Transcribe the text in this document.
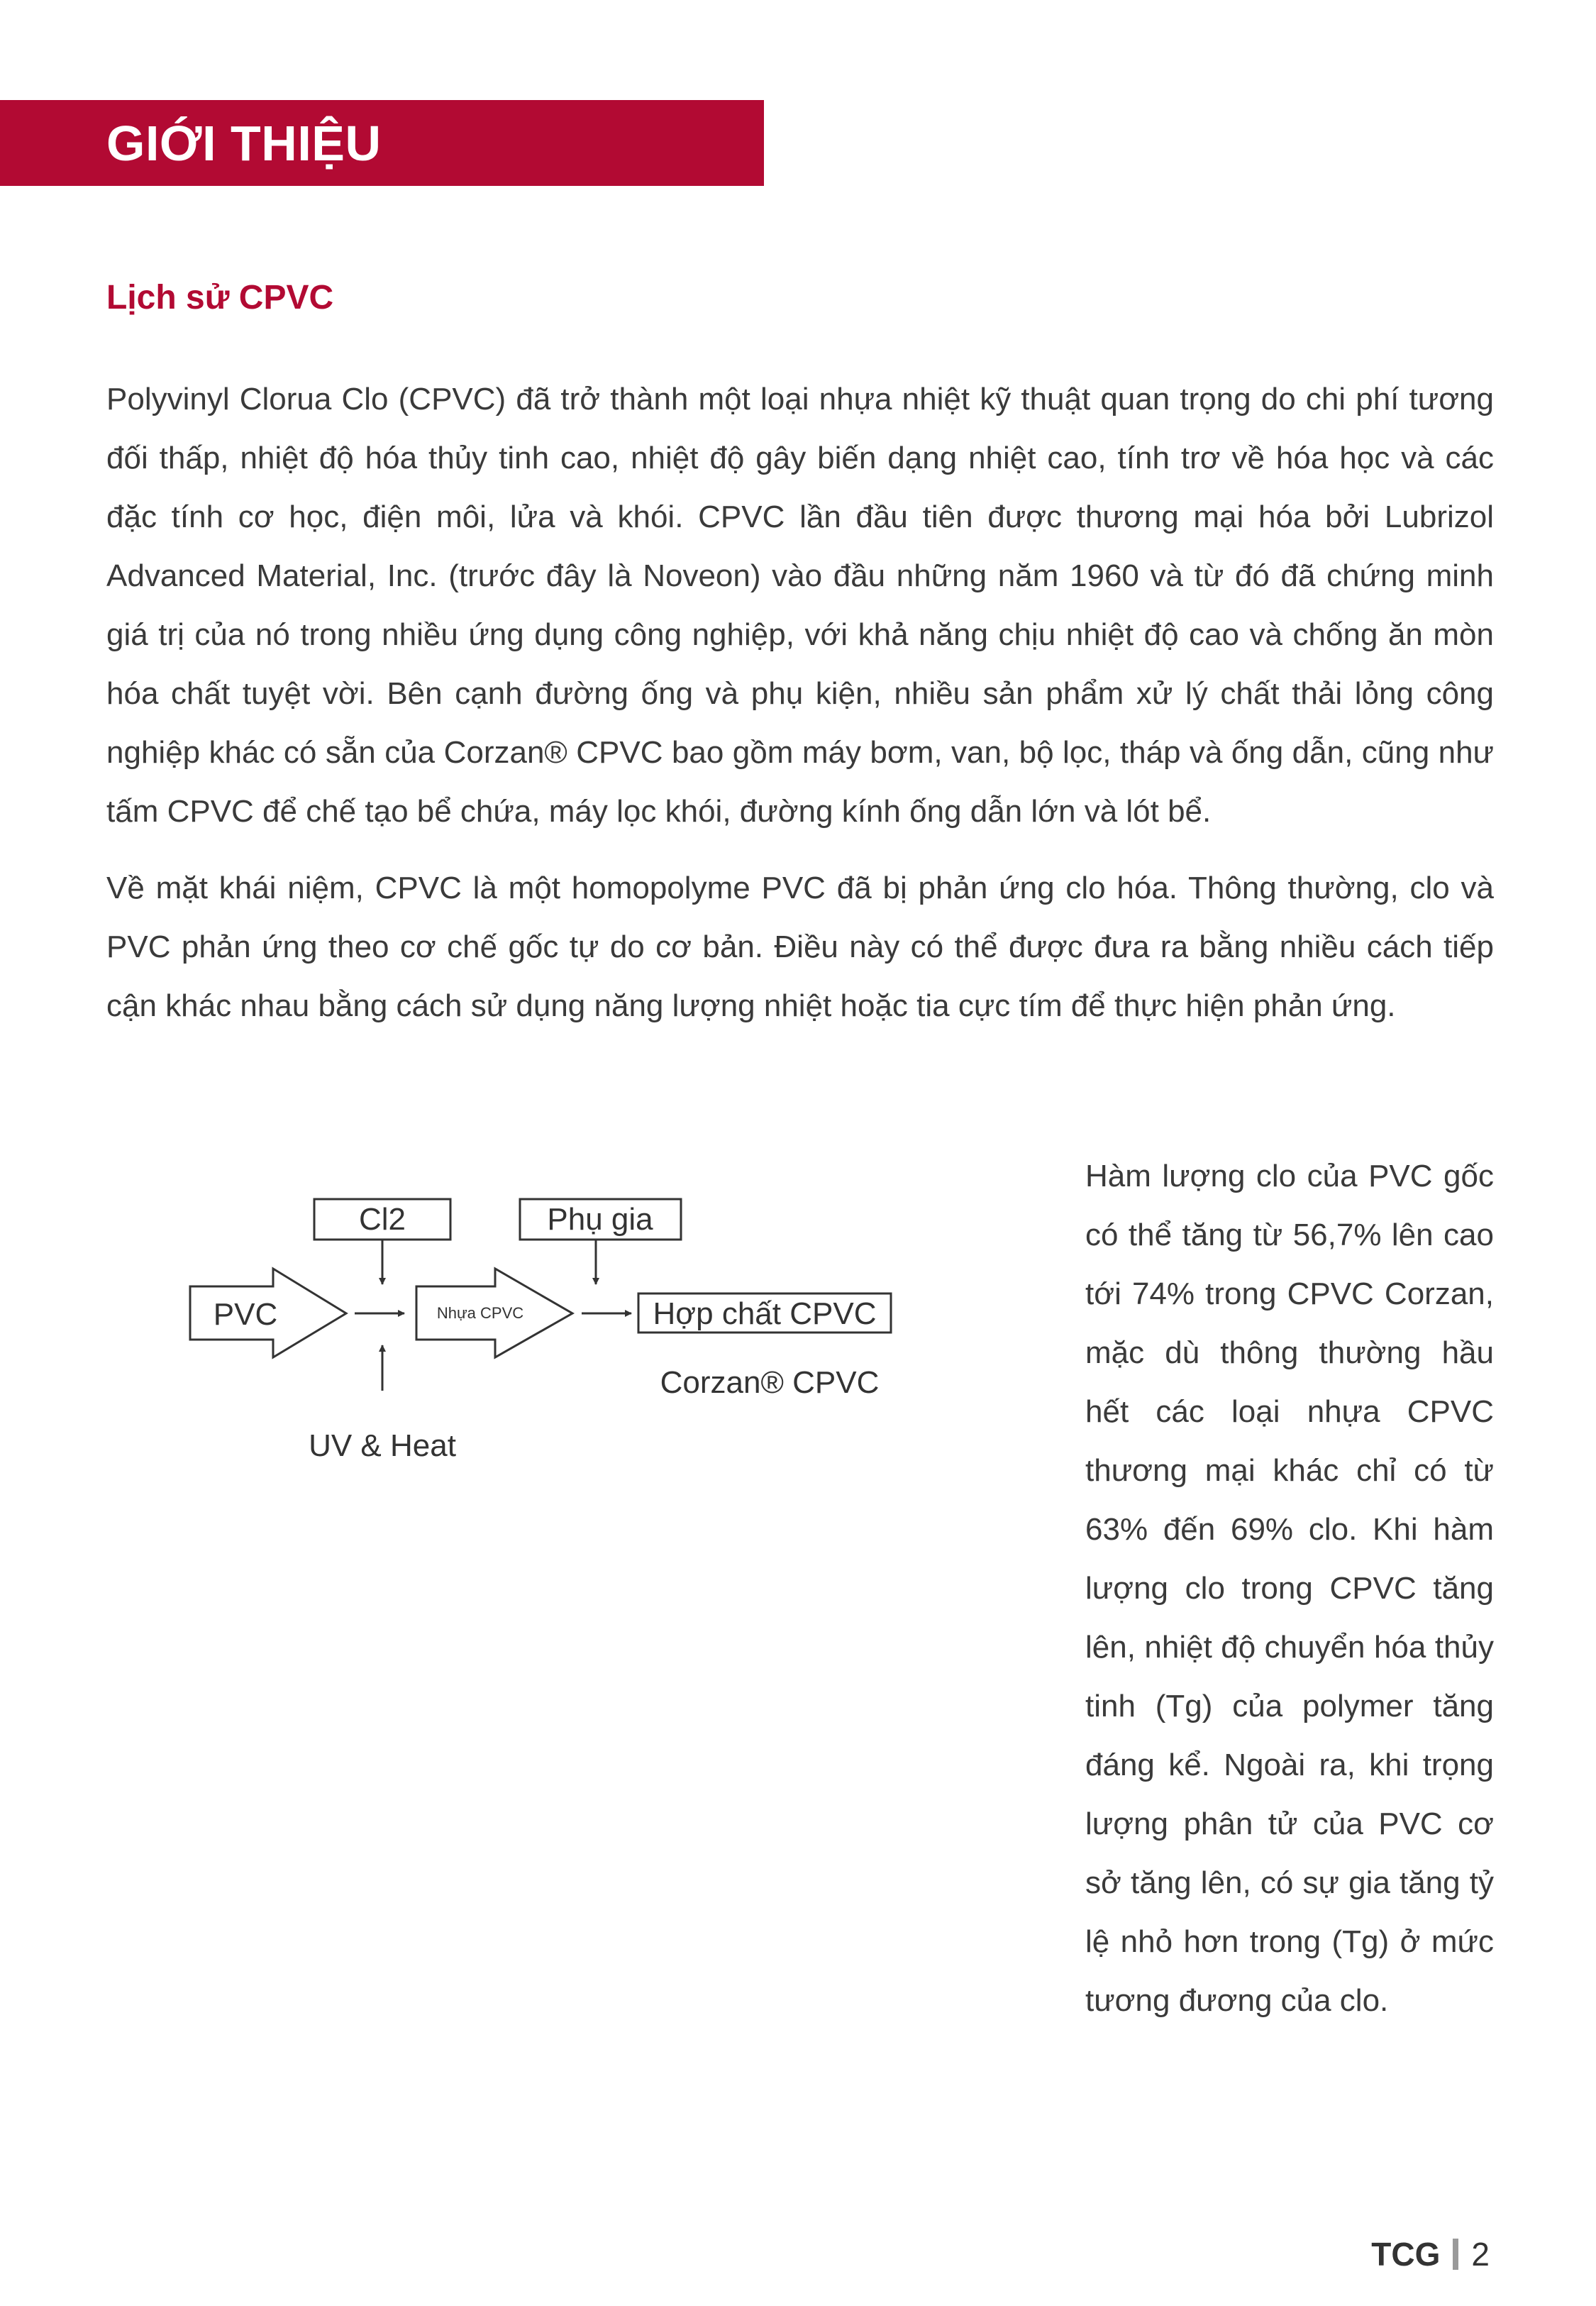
GIỚI THIỆU
Lịch sử CPVC

Polyvinyl Clorua Clo (CPVC) đã trở thành một loại nhựa nhiệt kỹ thuật quan trọng do chi phí tương đối thấp, nhiệt độ hóa thủy tinh cao, nhiệt độ gây biến dạng nhiệt cao, tính trơ về hóa học và các đặc tính cơ học, điện môi, lửa và khói. CPVC lần đầu tiên được thương mại hóa bởi Lubrizol Advanced Material, Inc. (trước đây là Noveon) vào đầu những năm 1960 và từ đó đã chứng minh giá trị của nó trong nhiều ứng dụng công nghiệp, với khả năng chịu nhiệt độ cao và chống ăn mòn hóa chất tuyệt vời. Bên cạnh đường ống và phụ kiện, nhiều sản phẩm xử lý chất thải lỏng công nghiệp khác có sẵn của Corzan® CPVC bao gồm máy bơm, van, bộ lọc, tháp và ống dẫn, cũng như tấm CPVC để chế tạo bể chứa, máy lọc khói, đường kính ống dẫn lớn và lót bể.

Về mặt khái niệm, CPVC là một homopolyme PVC đã bị phản ứng clo hóa. Thông thường, clo và PVC phản ứng theo cơ chế gốc tự do cơ bản. Điều này có thể được đưa ra bằng nhiều cách tiếp cận khác nhau bằng cách sử dụng năng lượng nhiệt hoặc tia cực tím để thực hiện phản ứng.

PVC
Cl2
UV & Heat
Nhựa CPVC
Phụ gia
Hợp chất CPVC
Corzan® CPVC

Hàm lượng clo của PVC gốc có thể tăng từ 56,7% lên cao tới 74% trong CPVC Corzan, mặc dù thông thường hầu hết các loại nhựa CPVC thương mại khác chỉ có từ 63% đến 69% clo. Khi hàm lượng clo trong CPVC tăng lên, nhiệt độ chuyển hóa thủy tinh (Tg) của polymer tăng đáng kể. Ngoài ra, khi trọng lượng phân tử của PVC cơ sở tăng lên, có sự gia tăng tỷ lệ nhỏ hơn trong (Tg) ở mức tương đương của clo.

TCG 2
